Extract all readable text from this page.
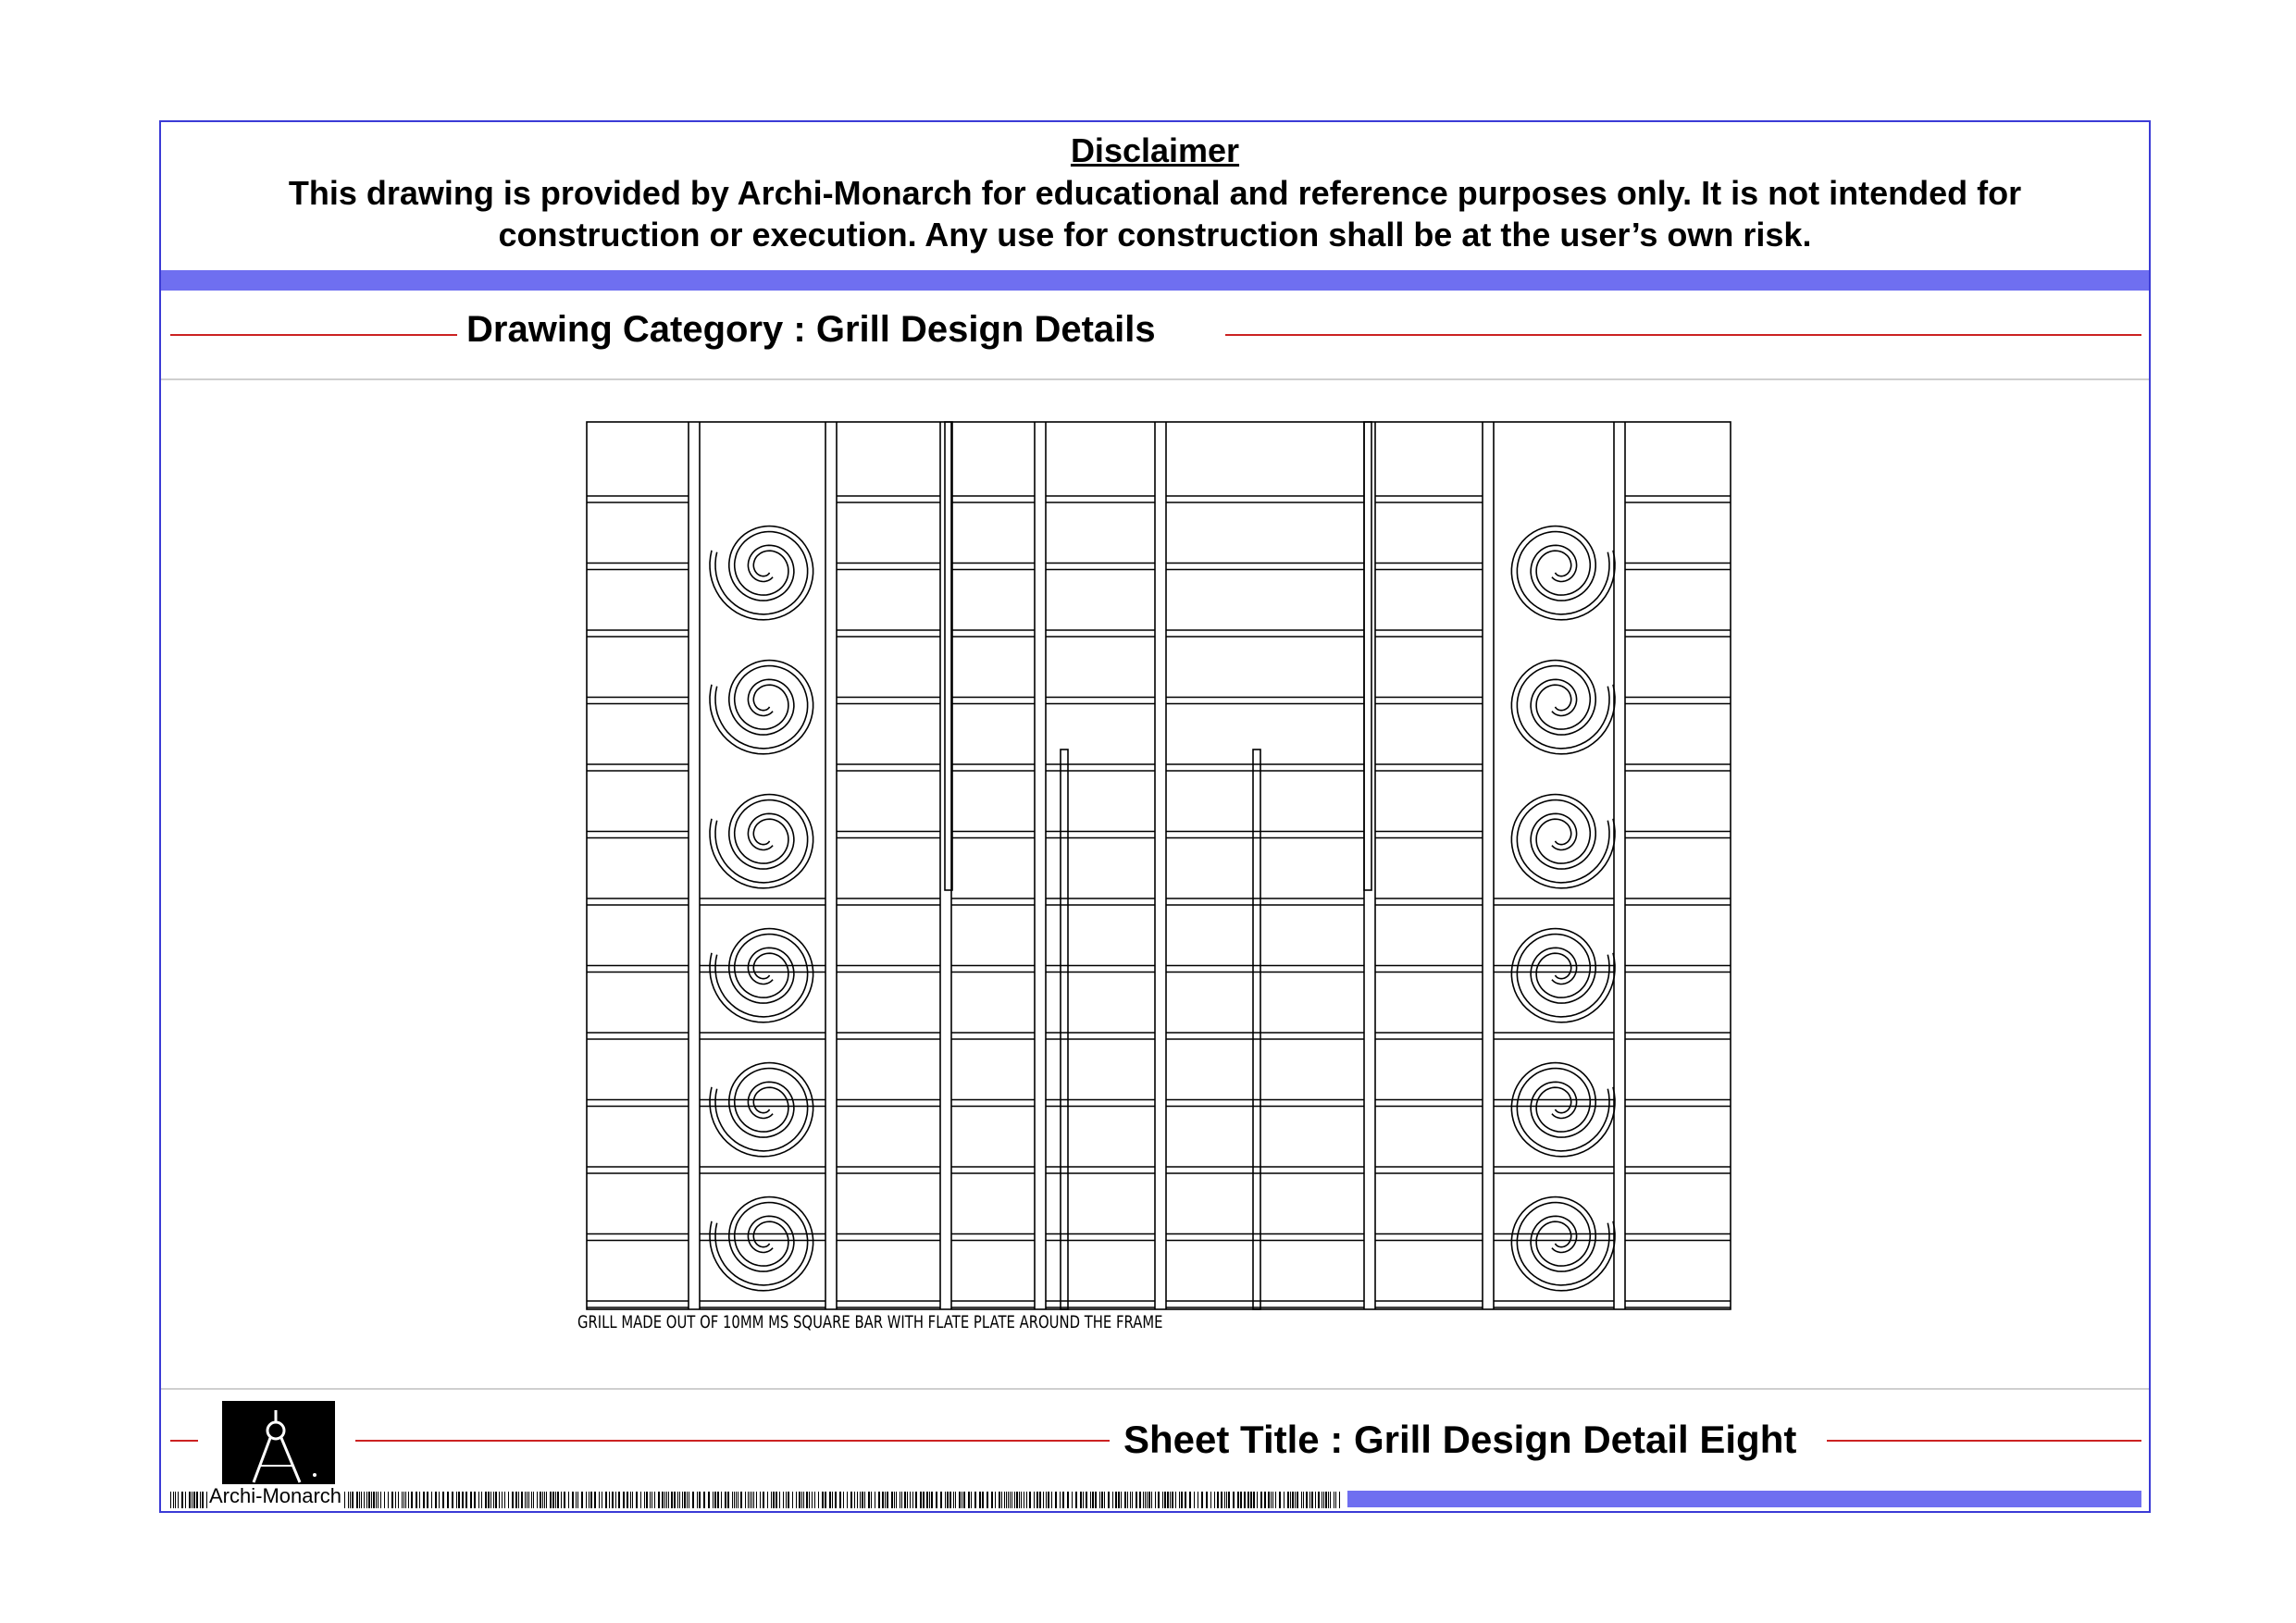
Disclaimer
This drawing is provided by Archi-Monarch for educational and reference purposes only. It is not intended for
construction or execution. Any use for construction shall be at the user’s own risk.
Drawing Category : Grill Design Details
GRILL MADE OUT OF 10MM MS SQUARE BAR WITH FLATE PLATE AROUND THE FRAME
Sheet Title : Grill Design Detail Eight
Archi-Monarch
